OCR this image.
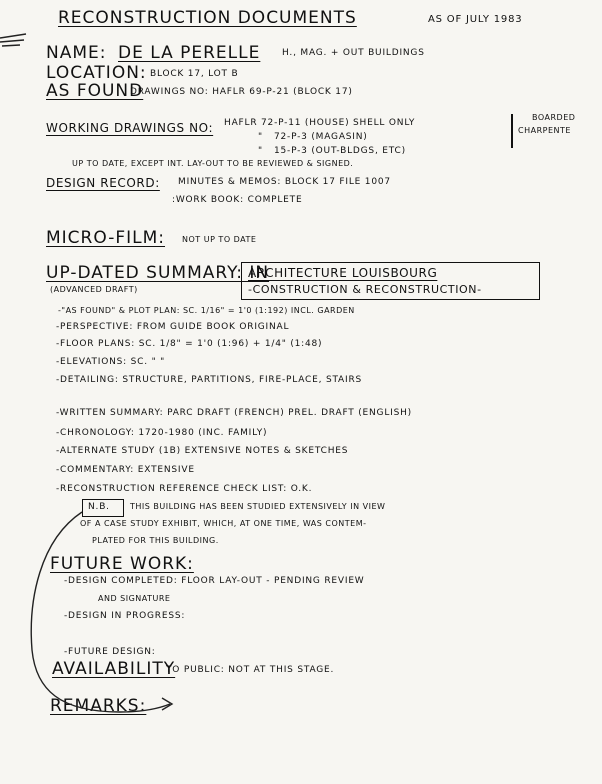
RECONSTRUCTION DOCUMENTS	AS OF JULY 1983
NAME: DE LA PERELLE H., MAG. + OUT BUILDINGS
LOCATION: BLOCK 17, LOT B
AS FOUND
DRAWINGS NO: HAFLR 69-P-21 (BLOCK 17)
WORKING DRAWINGS NO: HAFLR 72-P-11 (HOUSE) SHELL ONLY
" 72-P-3 (MAGASIN)
" 15-P-3 (OUT-BLDGS, ETC)
BOARDED
CHARPENTE
UP TO DATE, EXCEPT INT. LAY-OUT TO BE REVIEWED & SIGNED.
DESIGN RECORD: MINUTES & MEMOS: BLOCK 17 FILE 1007
:WORK BOOK: COMPLETE
MICRO-FILM: NOT UP TO DATE
UP-DATED SUMMARY: IN
(ADVANCED DRAFT)
ARCHITECTURE LOUISBOURG
-CONSTRUCTION & RECONSTRUCTION-
-"AS FOUND" & PLOT PLAN: SC. 1/16" = 1'0 (1:192) INCL. GARDEN
-PERSPECTIVE: FROM GUIDE BOOK ORIGINAL
-FLOOR PLANS: SC. 1/8" = 1'0 (1:96) + 1/4" (1:48)
-ELEVATIONS: SC. " "
-DETAILING: STRUCTURE, PARTITIONS, FIRE-PLACE, STAIRS
-WRITTEN SUMMARY: PARC DRAFT (FRENCH) PREL. DRAFT (ENGLISH)
-CHRONOLOGY: 1720-1980 (INC. FAMILY)
-ALTERNATE STUDY (1B) EXTENSIVE NOTES & SKETCHES
-COMMENTARY: EXTENSIVE
-RECONSTRUCTION REFERENCE CHECK LIST: O.K.
N.B.	THIS BUILDING HAS BEEN STUDIED EXTENSIVELY IN VIEW
OF A CASE STUDY EXHIBIT, WHICH, AT ONE TIME, WAS CONTEM-
PLATED FOR THIS BUILDING.
FUTURE WORK:
-DESIGN COMPLETED: FLOOR LAY-OUT - PENDING REVIEW
AND SIGNATURE
-DESIGN IN PROGRESS:
-FUTURE DESIGN:
AVAILABILITY
TO PUBLIC: NOT AT THIS STAGE.
REMARKS:
